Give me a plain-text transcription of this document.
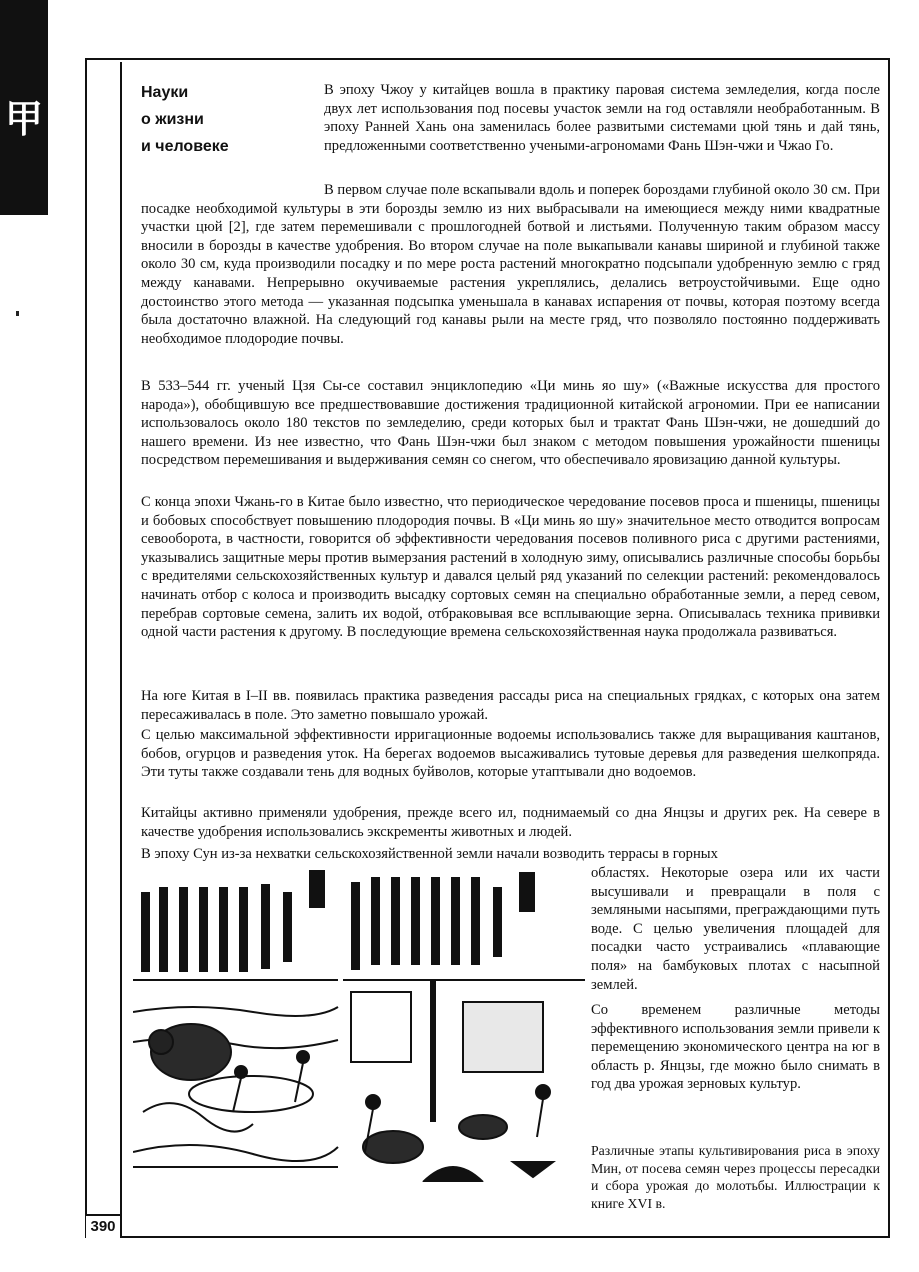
甲
390
Науки
о жизни
и человеке

В эпоху Чжоу у китайцев вошла в практику паровая система земледелия, когда после двух лет использования под посевы участок земли на год оставляли необработанным. В эпоху Ранней Хань она заменилась более развитыми системами цюй тянь и дай тянь, предложенными соответственно учеными-агрономами Фань Шэн-чжи и Чжао Го.

В первом случае поле вскапывали вдоль и поперек бороздами глубиной около 30 см. При посадке необходимой культуры в эти борозды землю из них выбрасывали на имеющиеся между ними квадратные участки цюй [2], где затем перемешивали с прошлогодней ботвой и листьями. Полученную таким образом массу вносили в борозды в качестве удобрения. Во втором случае на поле выкапывали канавы шириной и глубиной также около 30 см, куда производили посадку и по мере роста растений многократно подсыпали удобренную землю с гряд между канавами. Непрерывно окучиваемые растения укреплялись, делались ветроустойчивыми. Еще одно достоинство этого метода — указанная подсыпка уменьшала в канавах испарения от почвы, которая поэтому всегда была достаточно влажной. На следующий год канавы рыли на месте гряд, что позволяло постоянно поддерживать необходимое плодородие почвы.

В 533–544 гг. ученый Цзя Сы-се составил энциклопедию «Ци минь яо шу» («Важные искусства для простого народа»), обобщившую все предшествовавшие достижения традиционной китайской агрономии. При ее написании использовалось около 180 текстов по земледелию, среди которых был и трактат Фань Шэн-чжи, не дошедший до нашего времени. Из нее известно, что Фань Шэн-чжи был знаком с методом повышения урожайности пшеницы посредством перемешивания и выдерживания семян со снегом, что обеспечивало яровизацию данной культуры.

С конца эпохи Чжань-го в Китае было известно, что периодическое чередование посевов проса и пшеницы, пшеницы и бобовых способствует повышению плодородия почвы. В «Ци минь яо шу» значительное место отводится вопросам севооборота, в частности, говорится об эффективности чередования посевов поливного риса с другими растениями, указывались защитные меры против вымерзания растений в холодную зиму, описывались различные способы борьбы с вредителями сельскохозяйственных культур и давался целый ряд указаний по селекции растений: рекомендовалось начинать отбор с колоса и производить высадку сортовых семян на специально обработанные земли, а перед севом, перебрав сортовые семена, залить их водой, отбраковывая все всплывающие зерна. Описывалась техника прививки одной части растения к другому. В последующие времена сельскохозяйственная наука продолжала развиваться.

На юге Китая в I–II вв. появилась практика разведения рассады риса на специальных грядках, с которых она затем пересаживалась в поле. Это заметно повышало урожай.

С целью максимальной эффективности ирригационные водоемы использовались также для выращивания каштанов, бобов, огурцов и разведения уток. На берегах водоемов высаживались тутовые деревья для разведения шелкопряда. Эти туты также создавали тень для водных буйволов, которые утаптывали дно водоемов.

Китайцы активно применяли удобрения, прежде всего ил, поднимаемый со дна Янцзы и других рек. На севере в качестве удобрения использовались экскременты животных и людей.

В эпоху Сун из-за нехватки сельскохозяйственной земли начали возводить террасы в горных

областях. Некоторые озера или их части высушивали и превращали в поля с земляными насыпями, преграждающими путь воде. С целью увеличения площадей для посадки часто устраивались «плавающие поля» на бамбуковых плотах с насыпной землей.

Со временем различные методы эффективного использования земли привели к перемещению экономического центра на юг в область р. Янцзы, где можно было снимать в год два урожая зерновых культур.

Различные этапы культивирования риса в эпоху Мин, от посева семян через процессы пересадки и сбора урожая до молотьбы. Иллюстрации к книге XVI в.
